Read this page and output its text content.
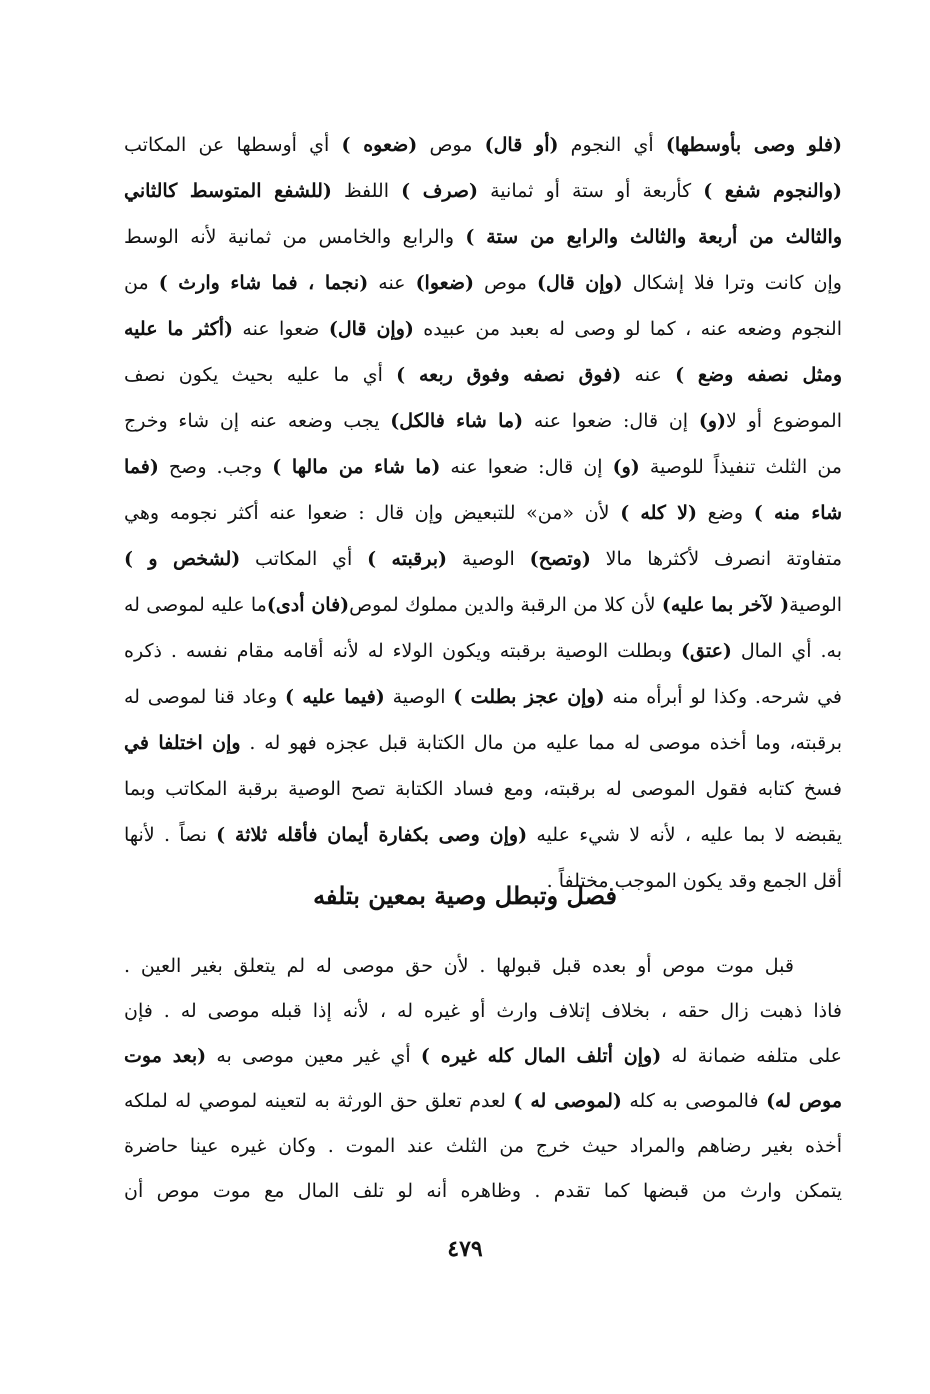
(فلو وصى بأوسطها) أي النجوم (أو قال) موص (ضعوه ) أي أوسطها عن المكاتب
(والنجوم شفع ) كأربعة أو ستة أو ثمانية (صرف ) اللفظ (للشفع المتوسط كالثاني
والثالث من أربعة والثالث والرابع من ستة ) والرابع والخامس من ثمانية لأنه الوسط
وإن كانت وترا فلا إشكال (وإن قال) موص (ضعوا) عنه (نجما ، فما شاء وارث ) من
النجوم وضعه عنه ، كما لو وصى له بعبد من عبيده (وإن قال) ضعوا عنه (أكثر ما عليه
ومثل نصفه وضع ) عنه (فوق نصفه وفوق ربعه ) أي ما عليه بحيث يكون نصف
الموضوع أو لا(و) إن قال: ضعوا عنه (ما شاء فالكل) يجب وضعه عنه إن شاء وخرج
من الثلث تنفيذاً للوصية (و) إن قال: ضعوا عنه (ما شاء من مالها ) وجب. وصح (فما
شاء منه ) وضع (لا كله ) لأن «من» للتبعيض وإن قال : ضعوا عنه أكثر نجومه وهي
متفاوتة انصرف لأكثرها مالا (وتصح) الوصية (برقبته ) أي المكاتب (لشخص و )
الوصية( لآخر بما عليه) لأن كلا من الرقبة والدين مملوك لموص(فان أدى)ما عليه لموصى له
به. أي المال (عتق) وبطلت الوصية برقبته ويكون الولاء له لأنه أقامه مقام نفسه . ذكره
في شرحه. وكذا لو أبرأه منه (وإن عجز بطلت ) الوصية (فيما عليه ) وعاد قنا لموصى له
برقبته، وما أخذه موصى له مما عليه من مال الكتابة قبل عجزه فهو له . وإن اختلفا في
فسخ كتابه فقول الموصى له برقبته، ومع فساد الكتابة تصح الوصية برقبة المكاتب وبما
يقبضه لا بما عليه ، لأنه لا شيء عليه (وإن وصى بكفارة أيمان فأقله ثلاثة ) نصاً . لأنها
أقل الجمع وقد يكون الموجب مختلفاً .
فصل وتبطل وصية بمعين بتلفه
قبل موت موص أو بعده قبل قبولها . لأن حق موصى له لم يتعلق بغير العين .
فاذا ذهبت زال حقه ، بخلاف إتلاف وارث أو غيره له ، لأنه إذا قبله موصى له . فإن
على متلفه ضمانة له (وإن أتلف المال كله غيره ) أي غير معين موصى به (بعد موت
موص له) فالموصى به كله (لموصى له ) لعدم تعلق حق الورثة به لتعينه لموصي له لملكه
أخذه بغير رضاهم والمراد حيث خرج من الثلث عند الموت . وكان غيره عينا حاضرة
يتمكن وارث من قبضها كما تقدم . وظاهره أنه لو تلف المال مع موت موص أن
٤٧٩
